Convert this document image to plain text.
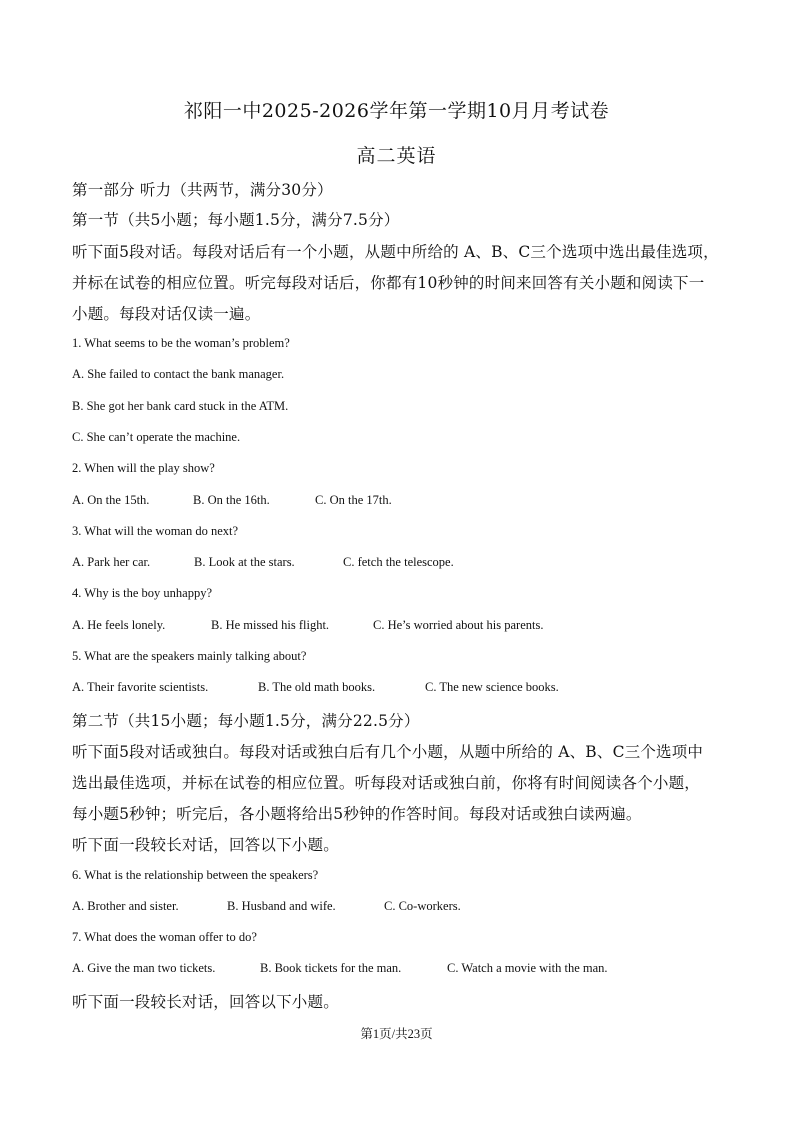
祁阳一中2025-2026学年第一学期10月月考试卷
高二英语
第一部分 听力（共两节，满分30分）
第一节（共5小题；每小题1.5分，满分7.5分）
听下面5段对话。每段对话后有一个小题，从题中所给的 A、B、C三个选项中选出最佳选项，
并标在试卷的相应位置。听完每段对话后，你都有10秒钟的时间来回答有关小题和阅读下一
小题。每段对话仅读一遍。
1. What seems to be the woman’s problem?
A. She failed to contact the bank manager.
B. She got her bank card stuck in the ATM.
C. She can’t operate the machine.
2. When will the play show?
A. On the 15th.	B. On the 16th.	C. On the 17th.
3. What will the woman do next?
A. Park her car.	B. Look at the stars.	C. fetch the telescope.
4. Why is the boy unhappy?
A. He feels lonely.	B. He missed his flight.	C. He’s worried about his parents.
5. What are the speakers mainly talking about?
A. Their favorite scientists.	B. The old math books.	C. The new science books.
第二节（共15小题；每小题1.5分，满分22.5分）
听下面5段对话或独白。每段对话或独白后有几个小题，从题中所给的 A、B、C三个选项中
选出最佳选项，并标在试卷的相应位置。听每段对话或独白前，你将有时间阅读各个小题，
每小题5秒钟；听完后，各小题将给出5秒钟的作答时间。每段对话或独白读两遍。
听下面一段较长对话，回答以下小题。
6. What is the relationship between the speakers?
A. Brother and sister.	B. Husband and wife.	C. Co-workers.
7. What does the woman offer to do?
A. Give the man two tickets.	B. Book tickets for the man.	C. Watch a movie with the man.
听下面一段较长对话，回答以下小题。
第1页/共23页
